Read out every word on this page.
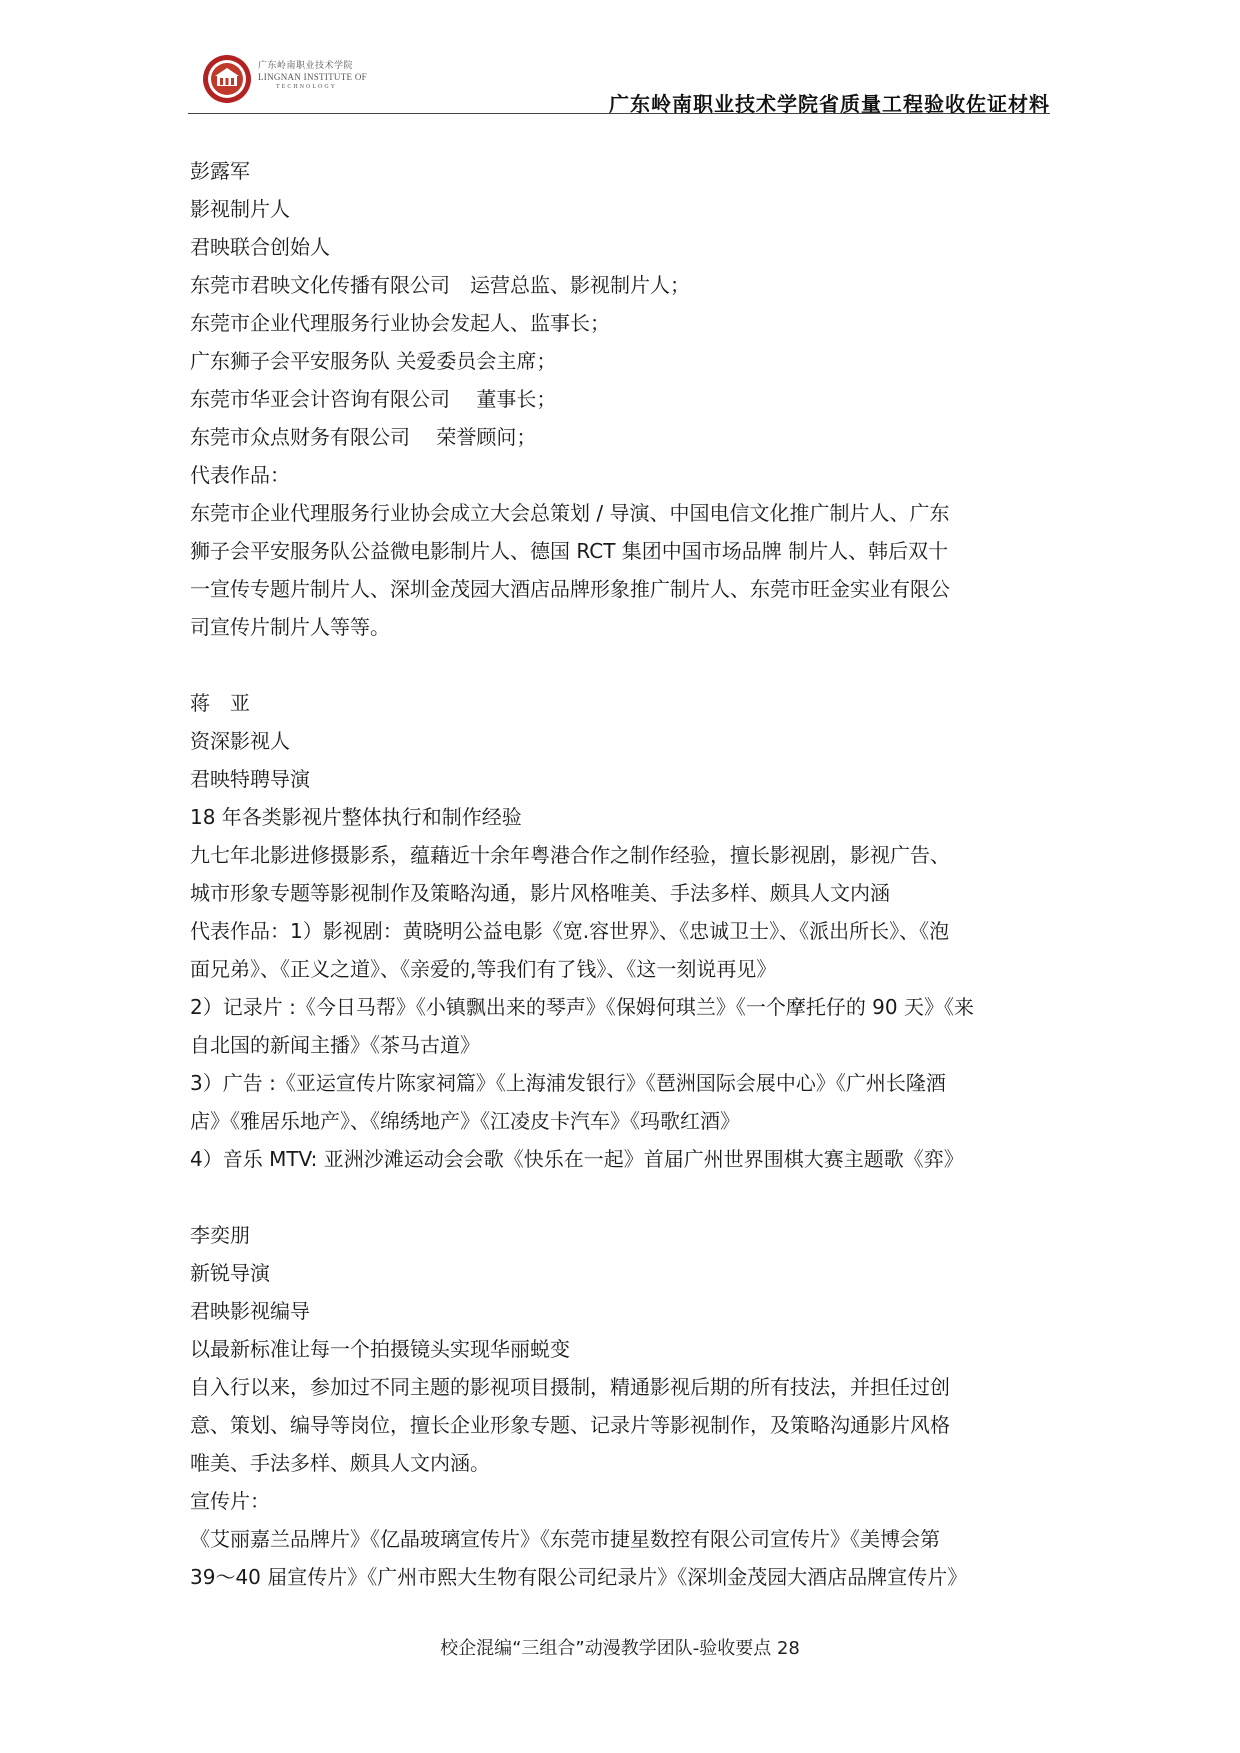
广东岭南职业技术学院
LINGNAN INSTITUTE OF
TECHNOLOGY
广东岭南职业技术学院省质量工程验收佐证材料
彭露军
影视制片人
君映联合创始人
东莞市君映文化传播有限公司　运营总监、影视制片人；
东莞市企业代理服务行业协会发起人、监事长；
广东狮子会平安服务队 关爱委员会主席；
东莞市华亚会计咨询有限公司　 董事长；
东莞市众点财务有限公司　 荣誉顾问；
代表作品：
东莞市企业代理服务行业协会成立大会总策划 / 导演、中国电信文化推广制片人、广东
狮子会平安服务队公益微电影制片人、德国 RCT 集团中国市场品牌 制片人、韩后双十
一宣传专题片制片人、深圳金茂园大酒店品牌形象推广制片人、东莞市旺金实业有限公
司宣传片制片人等等。
蒋　亚
资深影视人
君映特聘导演
18 年各类影视片整体执行和制作经验
九七年北影进修摄影系，蕴藉近十余年粤港合作之制作经验，擅长影视剧，影视广告、
城市形象专题等影视制作及策略沟通，影片风格唯美、手法多样、颇具人文内涵
代表作品：1）影视剧：黄晓明公益电影《宽.容世界》、《忠诚卫士》、《派出所长》、《泡
面兄弟》、《正义之道》、《亲爱的,等我们有了钱》、《这一刻说再见》
2）记录片 :《今日马帮》《小镇飘出来的琴声》《保姆何琪兰》《一个摩托仔的 90 天》《来
自北国的新闻主播》《茶马古道》
3）广告 :《亚运宣传片陈家祠篇》《上海浦发银行》《琶洲国际会展中心》《广州长隆酒
店》《雅居乐地产》、《绵绣地产》《江凌皮卡汽车》《玛歌红酒》
4）音乐 MTV: 亚洲沙滩运动会会歌《快乐在一起》首届广州世界围棋大赛主题歌《弈》
李奕朋
新锐导演
君映影视编导
以最新标准让每一个拍摄镜头实现华丽蜕变
自入行以来，参加过不同主题的影视项目摄制，精通影视后期的所有技法，并担任过创
意、策划、编导等岗位，擅长企业形象专题、记录片等影视制作，及策略沟通影片风格
唯美、手法多样、颇具人文内涵。
宣传片：
《艾丽嘉兰品牌片》《亿晶玻璃宣传片》《东莞市捷星数控有限公司宣传片》《美博会第
39～40 届宣传片》《广州市熙大生物有限公司纪录片》《深圳金茂园大酒店品牌宣传片》
校企混编“三组合”动漫教学团队-验收要点 28
